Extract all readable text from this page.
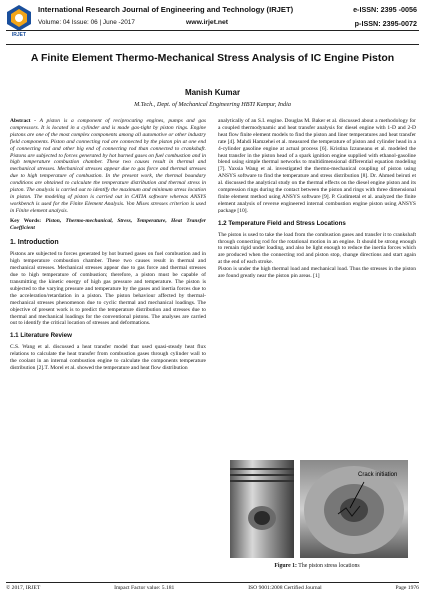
IRJET
International Research Journal of Engineering and Technology (IRJET)	e-ISSN: 2395 -0056
Volume: 04 Issue: 06 | June -2017	www.irjet.net	p-ISSN: 2395-0072
A Finite Element Thermo-Mechanical Stress Analysis of IC Engine Piston
Manish Kumar
M.Tech., Dept. of Mechanical Engineering HBTI Kanpur, India

Abstract - A piston is a component of reciprocating engines, pumps and gas compressors. It is located in a cylinder and is made gas-tight by piston rings. Engine pistons are one of the most complex components among all automotive or other industry field components. Piston and connecting rod are connected by the piston pin at one end of connecting rod and other big end of connecting rod than connected to crankshaft. Pistons are subjected to forces generated by hot burned gases on fuel combustion and in high temperature combustion chamber. These two causes result in thermal and mechanical stresses. Mechanical stresses appear due to gas force and thermal stresses due to high temperature of combustion. In the present work, the thermal boundary conditions are obtained to calculate the temperature distribution and thermal stress in piston. The analysis is carried out to identify the maximum and minimum stress location in piston. The modeling of piston is carried out in CATIA software whereas ANSYS workbench is used for the Finite Element Analysis. Von Mises stresses criterion is used in Finite element analysis.

Key Words: Piston, Thermo-mechanical, Stress, Temperature, Heat Transfer Coefficient

1. Introduction

Pistons are subjected to forces generated by hot burned gases on fuel combustion and in high temperature combustion chamber. These two causes result in thermal and mechanical stresses. Mechanical stresses appear due to gas force and thermal stresses due to high temperature of combustion; therefore, a piston must be capable of transmitting the kinetic energy of high gas pressure and temperature. The piston is subjected to the varying pressure and temperature by the gases and inertia forces due to the acceleration/retardation in a piston. The piston behaviour affected by thermal-mechanical stresses phenomenon due to cyclic thermal and mechanical loadings. The objective of present work is to predict the temperature distribution and stresses due to thermal and mechanical loadings for the conventional pistons. The analyses are carried out to identify the critical location of stresses and deformations.

1.1 Literature Review

C.S. Wang et al. discussed a heat transfer model that used quasi-steady heat flux relations to calculate the heat transfer from combustion gases through cylinder wall to the coolant in an internal combustion engine to calculate the components temperature distribution [2].T. Morel et al. showed the temperature and heat flow distribution

analytically of an S.I. engine. Douglas M. Baker et al. discussed about a methodology for a coupled thermodynamic and heat transfer analysis for diesel engine with 1-D and 2-D heat flow finite element models to find the piston and liner temperatures and heat transfer rate [4]. Mahdi Hamzehei et al. measured the temperature of piston and cylinder head in a 4-cylinder gasoline engine at actual process [6]. Kristina Izzuneanu et al. modeled the heat transfer in the piston head of a spark ignition engine supplied with ethanol-gasoline blend using simple thermal networks to multidimensional differential equation modeling [7]. Yaxsia Wang et al. investigated the thermo-mechanical coupling of piston using ANSYS software to find the temperature and stress distribution [8]. Dr. Ahmed beiruti et al. discussed the analytical study on the thermal effects on the diesel engine piston and its compression rings during the contact between the piston and rings with three dimensional finite element method using ANSYS software [9]. P. Gudimetal et al. analyzed the finite element analysis of reverse engineered internal combustion engine piston using ANSYS package [10].

1.2 Temperature Field and Stress Locations

The piston is used to take the load from the combustion gases and transfer it to crankshaft through connecting rod for the rotational motion in an engine. It should be strong enough to remain rigid under loading, and also be light enough to reduce the inertia forces which are produced when the connecting rod and piston stop, change directions and start again at the end of each stroke.

Piston is under the high thermal load and mechanical load. Thus the stresses in the piston are found greatly near the piston pin areas. [1]

Crack initiation
Figure 1: The piston stress locations
© 2017, IRJET	Impact Factor value: 5.181	ISO 9001:2008 Certified Journal	Page 1976
